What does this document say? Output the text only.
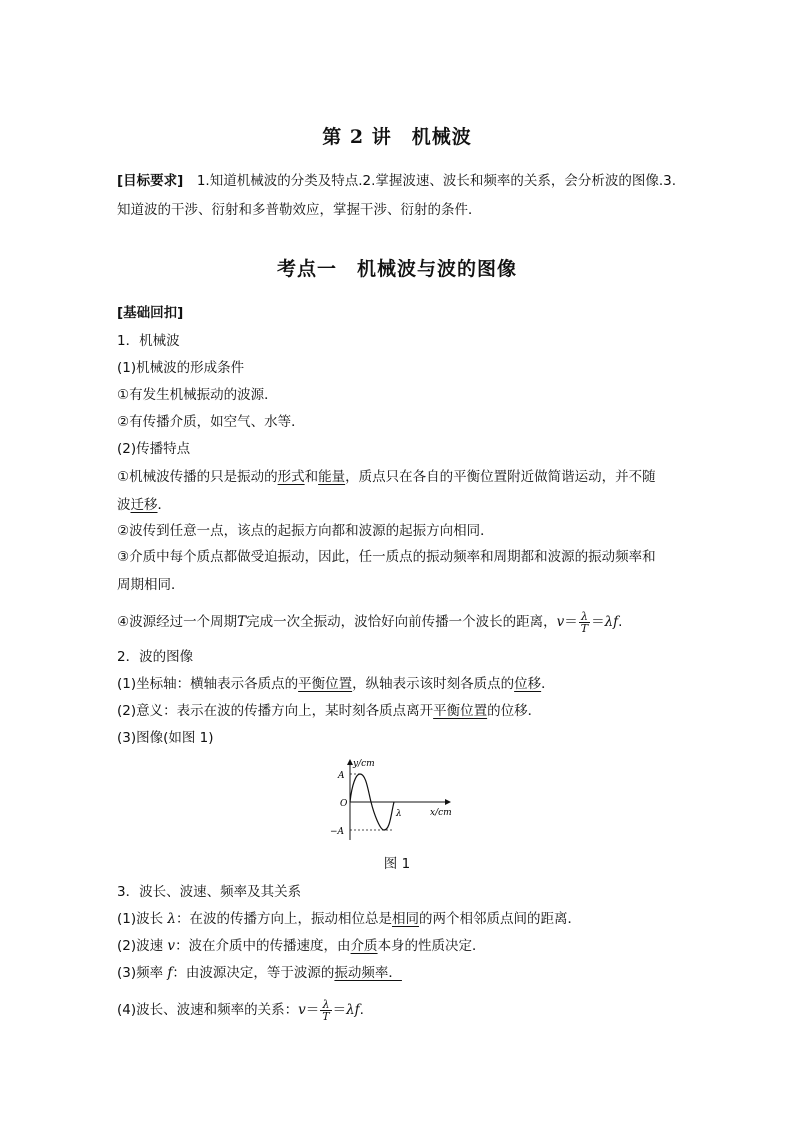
第 2 讲　机械波
[目标要求]　 1.知道机械波的分类及特点.2.掌握波速、波长和频率的关系，会分析波的图像.3.
知道波的干涉、衍射和多普勒效应，掌握干涉、衍射的条件．
考点一　机械波与波的图像
[基础回扣]
1．机械波
(1)机械波的形成条件
①有发生机械振动的波源．
②有传播介质，如空气、水等．
(2)传播特点
①机械波传播的只是振动的形式和能量，质点只在各自的平衡位置附近做简谐运动，并不随
波迁移．
②波传到任意一点，该点的起振方向都和波源的起振方向相同．
③介质中每个质点都做受迫振动，因此，任一质点的振动频率和周期都和波源的振动频率和
周期相同．
④波源经过一个周期T完成一次全振动，波恰好向前传播一个波长的距离，$v= \frac{\lambda}{T} =\lambda f$.
2．波的图像
(1)坐标轴：横轴表示各质点的平衡位置，纵轴表示该时刻各质点的位移．
(2)意义：表示在波的传播方向上，某时刻各质点离开平衡位置的位移．
(3)图像(如图 1)
y/cm
x/cm
A
−A
O
λ
图 1
3．波长、波速、频率及其关系
(1)波长 λ：在波的传播方向上，振动相位总是相同的两个相邻质点间的距离．
(2)波速 v：波在介质中的传播速度，由介质本身的性质决定．
(3)频率 f：由波源决定，等于波源的振动频率．
(4)波长、波速和频率的关系：$v= \frac{\lambda}{T} =\lambda f$.
